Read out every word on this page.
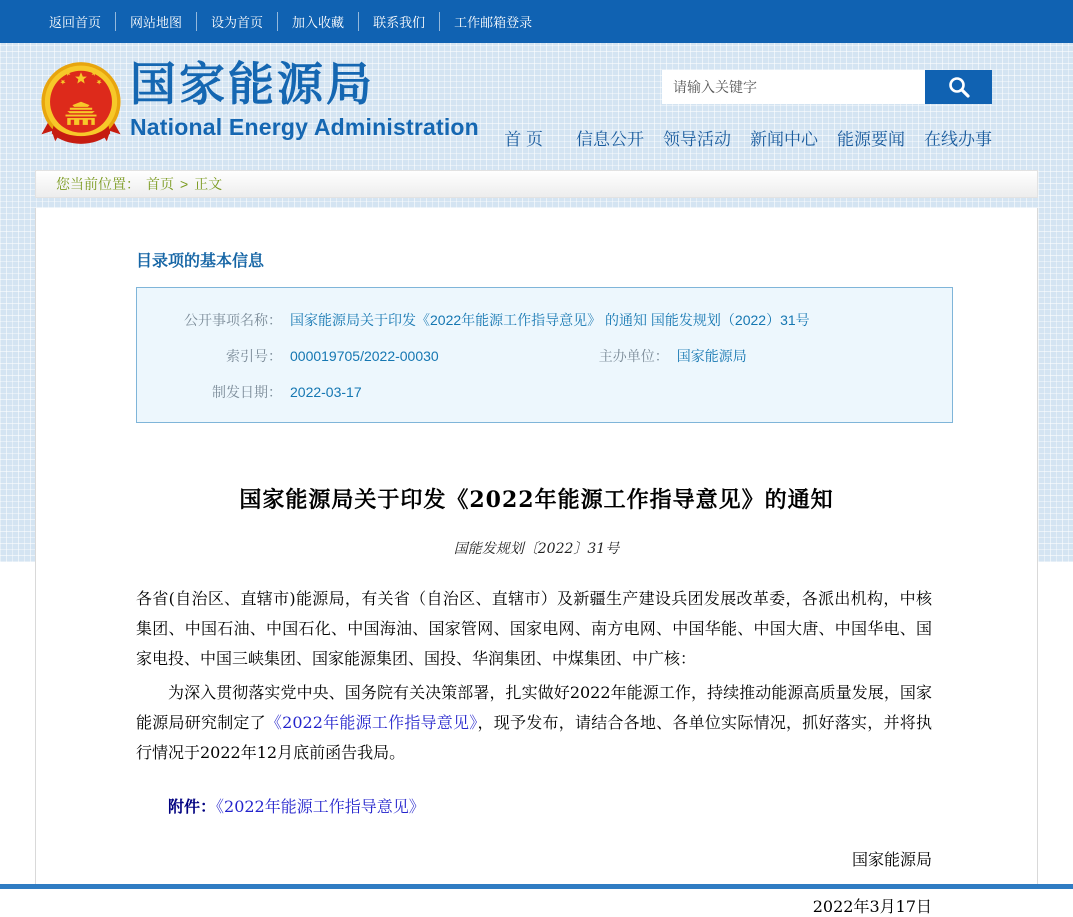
返回首页	网站地图	设为首页	加入收藏	联系我们	工作邮箱登录
国家能源局
National Energy Administration
请输入关键字 首 页 信息公开 领导活动 新闻中心 能源要闻 在线办事
您当前位置： 首页 > 正文
目录项的基本信息
公开事项名称： 国家能源局关于印发《2022年能源工作指导意见》 的通知 国能发规划（2022）31号
索引号： 000019705/2022-00030	主办单位： 国家能源局
制发日期： 2022-03-17
国家能源局关于印发《2022年能源工作指导意见》的通知
国能发规划〔2022〕31号

各省(自治区、直辖市)能源局，有关省（自治区、直辖市）及新疆生产建设兵团发展改革委，各派出机构，中核集团、中国石油、中国石化、中国海油、国家管网、国家电网、南方电网、中国华能、中国大唐、中国华电、国家电投、中国三峡集团、国家能源集团、国投、华润集团、中煤集团、中广核：

为深入贯彻落实党中央、国务院有关决策部署，扎实做好2022年能源工作，持续推动能源高质量发展，国家能源局研究制定了《2022年能源工作指导意见》，现予发布，请结合各地、各单位实际情况，抓好落实，并将执行情况于2022年12月底前函告我局。

附件：《2022年能源工作指导意见》

国家能源局
2022年3月17日
